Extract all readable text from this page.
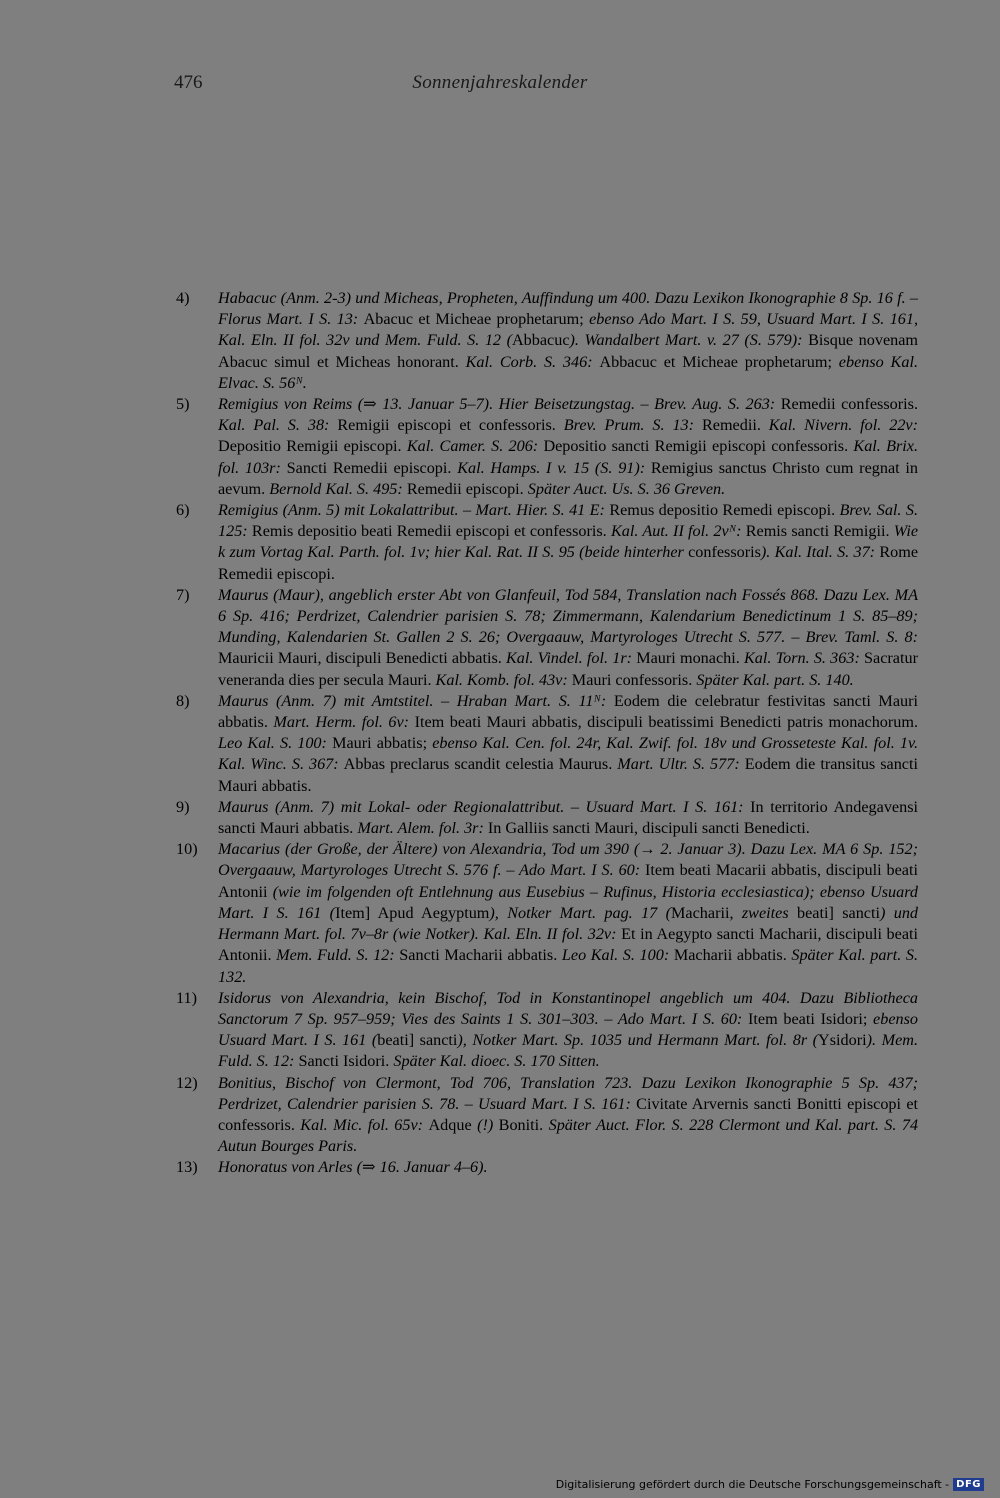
476	Sonnenjahreskalender
4) Habacuc (Anm. 2-3) und Micheas, Propheten, Auffindung um 400. Dazu Lexikon Ikonographie 8 Sp. 16 f. – Florus Mart. I S. 13: Abacuc et Micheae prophetarum; ebenso Ado Mart. I S. 59, Usuard Mart. I S. 161, Kal. Eln. II fol. 32v und Mem. Fuld. S. 12 (Abbacuc). Wandalbert Mart. v. 27 (S. 579): Bisque novenam Abacuc simul et Micheas honorant. Kal. Corb. S. 346: Abbacuc et Micheae prophetarum; ebenso Kal. Elvac. S. 56ᴺ.
5) Remigius von Reims (⇒ 13. Januar 5–7). Hier Beisetzungstag. – Brev. Aug. S. 263: Remedii confessoris. Kal. Pal. S. 38: Remigii episcopi et confessoris. Brev. Prum. S. 13: Remedii. Kal. Nivern. fol. 22v: Depositio Remigii episcopi. Kal. Camer. S. 206: Depositio sancti Remigii episcopi confessoris. Kal. Brix. fol. 103r: Sancti Remedii episcopi. Kal. Hamps. I v. 15 (S. 91): Remigius sanctus Christo cum regnat in aevum. Bernold Kal. S. 495: Remedii episcopi. Später Auct. Us. S. 36 Greven.
6) Remigius (Anm. 5) mit Lokalattribut. – Mart. Hier. S. 41 E: Remus depositio Remedi episcopi. Brev. Sal. S. 125: Remis depositio beati Remedii episcopi et confessoris. Kal. Aut. II fol. 2vᴺ: Remis sancti Remigii. Wie k zum Vortag Kal. Parth. fol. 1v; hier Kal. Rat. II S. 95 (beide hinterher confessoris). Kal. Ital. S. 37: Rome Remedii episcopi.
7) Maurus (Maur), angeblich erster Abt von Glanfeuil, Tod 584, Translation nach Fossés 868. Dazu Lex. MA 6 Sp. 416; Perdrizet, Calendrier parisien S. 78; Zimmermann, Kalendarium Benedictinum 1 S. 85–89; Munding, Kalendarien St. Gallen 2 S. 26; Overgaauw, Martyrologes Utrecht S. 577. – Brev. Taml. S. 8: Mauricii Mauri, discipuli Benedicti abbatis. Kal. Vindel. fol. 1r: Mauri monachi. Kal. Torn. S. 363: Sacratur veneranda dies per secula Mauri. Kal. Komb. fol. 43v: Mauri confessoris. Später Kal. part. S. 140.
8) Maurus (Anm. 7) mit Amtstitel. – Hraban Mart. S. 11ᴺ: Eodem die celebratur festivitas sancti Mauri abbatis. Mart. Herm. fol. 6v: Item beati Mauri abbatis, discipuli beatissimi Benedicti patris monachorum. Leo Kal. S. 100: Mauri abbatis; ebenso Kal. Cen. fol. 24r, Kal. Zwif. fol. 18v und Grosseteste Kal. fol. 1v. Kal. Winc. S. 367: Abbas preclarus scandit celestia Maurus. Mart. Ultr. S. 577: Eodem die transitus sancti Mauri abbatis.
9) Maurus (Anm. 7) mit Lokal- oder Regionalattribut. – Usuard Mart. I S. 161: In territorio Andegavensi sancti Mauri abbatis. Mart. Alem. fol. 3r: In Galliis sancti Mauri, discipuli sancti Benedicti.
10) Macarius (der Große, der Ältere) von Alexandria, Tod um 390 (→ 2. Januar 3). Dazu Lex. MA 6 Sp. 152; Overgaauw, Martyrologes Utrecht S. 576 f. – Ado Mart. I S. 60: Item beati Macarii abbatis, discipuli beati Antonii (wie im folgenden oft Entlehnung aus Eusebius – Rufinus, Historia ecclesiastica); ebenso Usuard Mart. I S. 161 (Item] Apud Aegyptum), Notker Mart. pag. 17 (Macharii, zweites beati] sancti) und Hermann Mart. fol. 7v–8r (wie Notker). Kal. Eln. II fol. 32v: Et in Aegypto sancti Macharii, discipuli beati Antonii. Mem. Fuld. S. 12: Sancti Macharii abbatis. Leo Kal. S. 100: Macharii abbatis. Später Kal. part. S. 132.
11) Isidorus von Alexandria, kein Bischof, Tod in Konstantinopel angeblich um 404. Dazu Bibliotheca Sanctorum 7 Sp. 957–959; Vies des Saints 1 S. 301–303. – Ado Mart. I S. 60: Item beati Isidori; ebenso Usuard Mart. I S. 161 (beati] sancti), Notker Mart. Sp. 1035 und Hermann Mart. fol. 8r (Ysidori). Mem. Fuld. S. 12: Sancti Isidori. Später Kal. dioec. S. 170 Sitten.
12) Bonitius, Bischof von Clermont, Tod 706, Translation 723. Dazu Lexikon Ikonographie 5 Sp. 437; Perdrizet, Calendrier parisien S. 78. – Usuard Mart. I S. 161: Civitate Arvernis sancti Bonitti episcopi et confessoris. Kal. Mic. fol. 65v: Adque (!) Boniti. Später Auct. Flor. S. 228 Clermont und Kal. part. S. 74 Autun Bourges Paris.
13) Honoratus von Arles (⇒ 16. Januar 4–6).
Digitalisierung gefördert durch die Deutsche Forschungsgemeinschaft - DFG
